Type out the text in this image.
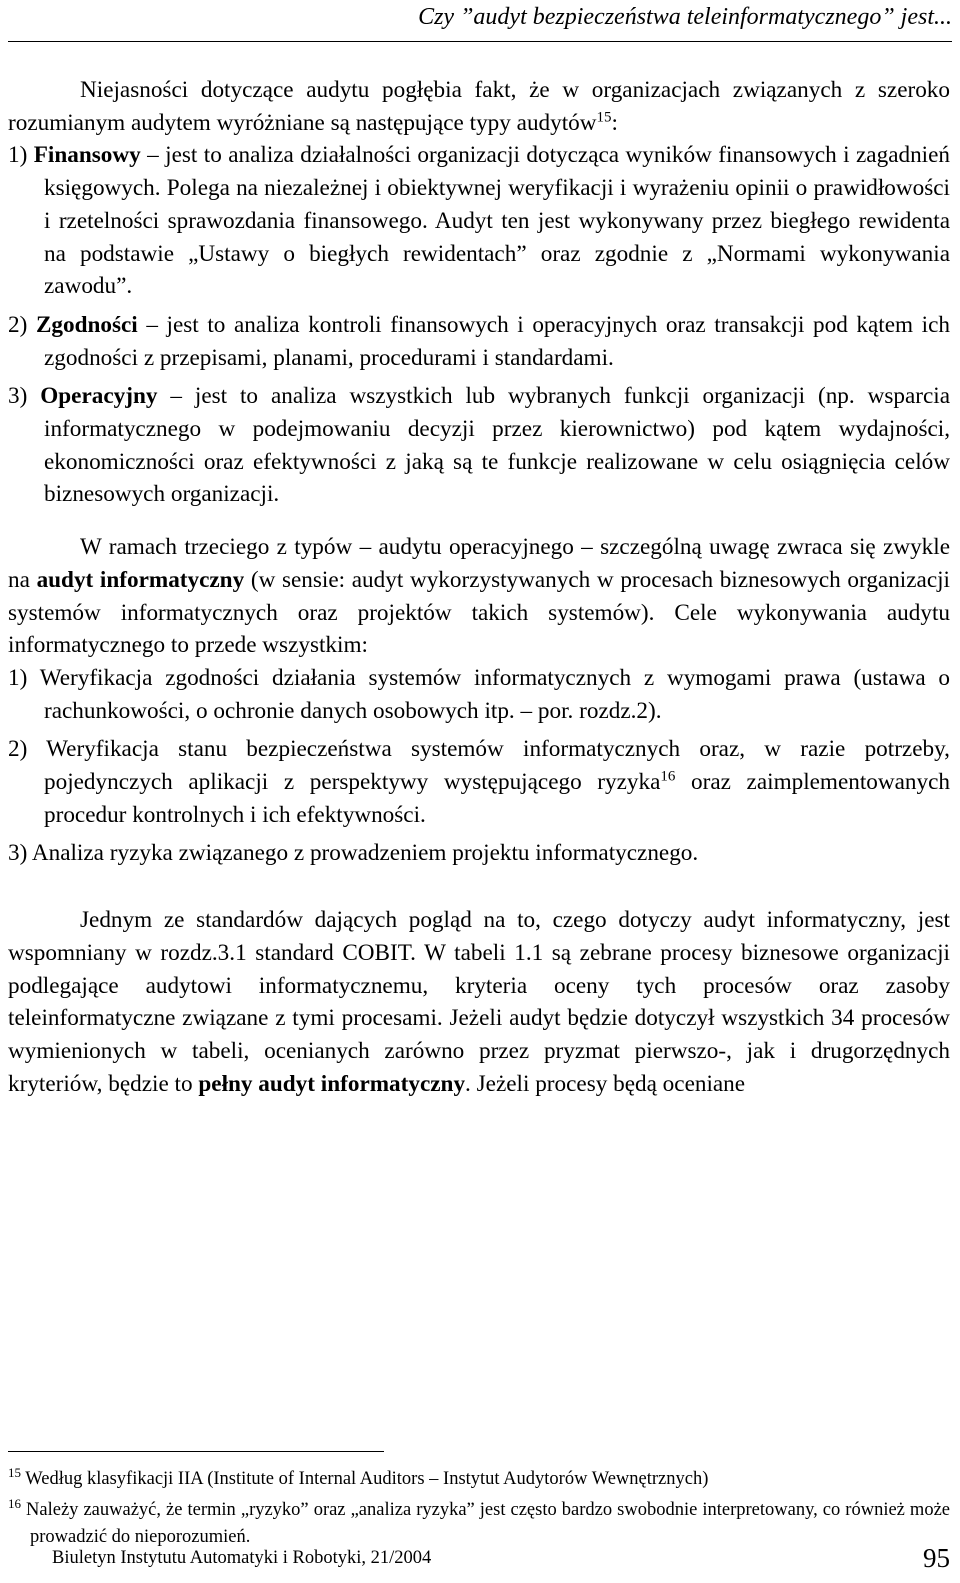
Czy ”audyt bezpieczeństwa teleinformatycznego” jest...

Niejasności dotyczące audytu pogłębia fakt, że w organizacjach związanych z szeroko rozumianym audytem wyróżniane są następujące typy audytów$^{15}$:

1) Finansowy – jest to analiza działalności organizacji dotycząca wyników finansowych i zagadnień księgowych. Polega na niezależnej i obiektywnej weryfikacji i wyrażeniu opinii o prawidłowości i rzetelności sprawozdania finansowego. Audyt ten jest wykonywany przez biegłego rewidenta na podstawie „Ustawy o biegłych rewidentach” oraz zgodnie z „Normami wykonywania zawodu”.

2) Zgodności – jest to analiza kontroli finansowych i operacyjnych oraz transakcji pod kątem ich zgodności z przepisami, planami, procedurami i standardami.

3) Operacyjny – jest to analiza wszystkich lub wybranych funkcji organizacji (np. wsparcia informatycznego w podejmowaniu decyzji przez kierownictwo) pod kątem wydajności, ekonomiczności oraz efektywności z jaką są te funkcje realizowane w celu osiągnięcia celów biznesowych organizacji.

W ramach trzeciego z typów – audytu operacyjnego – szczególną uwagę zwraca się zwykle na audyt informatyczny (w sensie: audyt wykorzystywanych w procesach biznesowych organizacji systemów informatycznych oraz projektów takich systemów). Cele wykonywania audytu informatycznego to przede wszystkim:

1) Weryfikacja zgodności działania systemów informatycznych z wymogami prawa (ustawa o rachunkowości, o ochronie danych osobowych itp. – por. rozdz.2).

2) Weryfikacja stanu bezpieczeństwa systemów informatycznych oraz, w razie potrzeby, pojedynczych aplikacji z perspektywy występującego ryzyka$^{16}$ oraz zaimplementowanych procedur kontrolnych i ich efektywności.

3) Analiza ryzyka związanego z prowadzeniem projektu informatycznego.

Jednym ze standardów dających pogląd na to, czego dotyczy audyt informatyczny, jest wspomniany w rozdz.3.1 standard COBIT. W tabeli 1.1 są zebrane procesy biznesowe organizacji podlegające audytowi informatycznemu, kryteria oceny tych procesów oraz zasoby teleinformatyczne związane z tymi procesami. Jeżeli audyt będzie dotyczył wszystkich 34 procesów wymienionych w tabeli, ocenianych zarówno przez pryzmat pierwszo-, jak i drugorzędnych kryteriów, będzie to pełny audyt informatyczny. Jeżeli procesy będą oceniane

$^{15}$ Według klasyfikacji IIA (Institute of Internal Auditors – Instytut Audytorów Wewnętrznych)

$^{16}$ Należy zauważyć, że termin „ryzyko” oraz „analiza ryzyka” jest często bardzo swobodnie interpretowany, co również może prowadzić do nieporozumień.

Biuletyn Instytutu Automatyki i Robotyki, 21/2004	95
